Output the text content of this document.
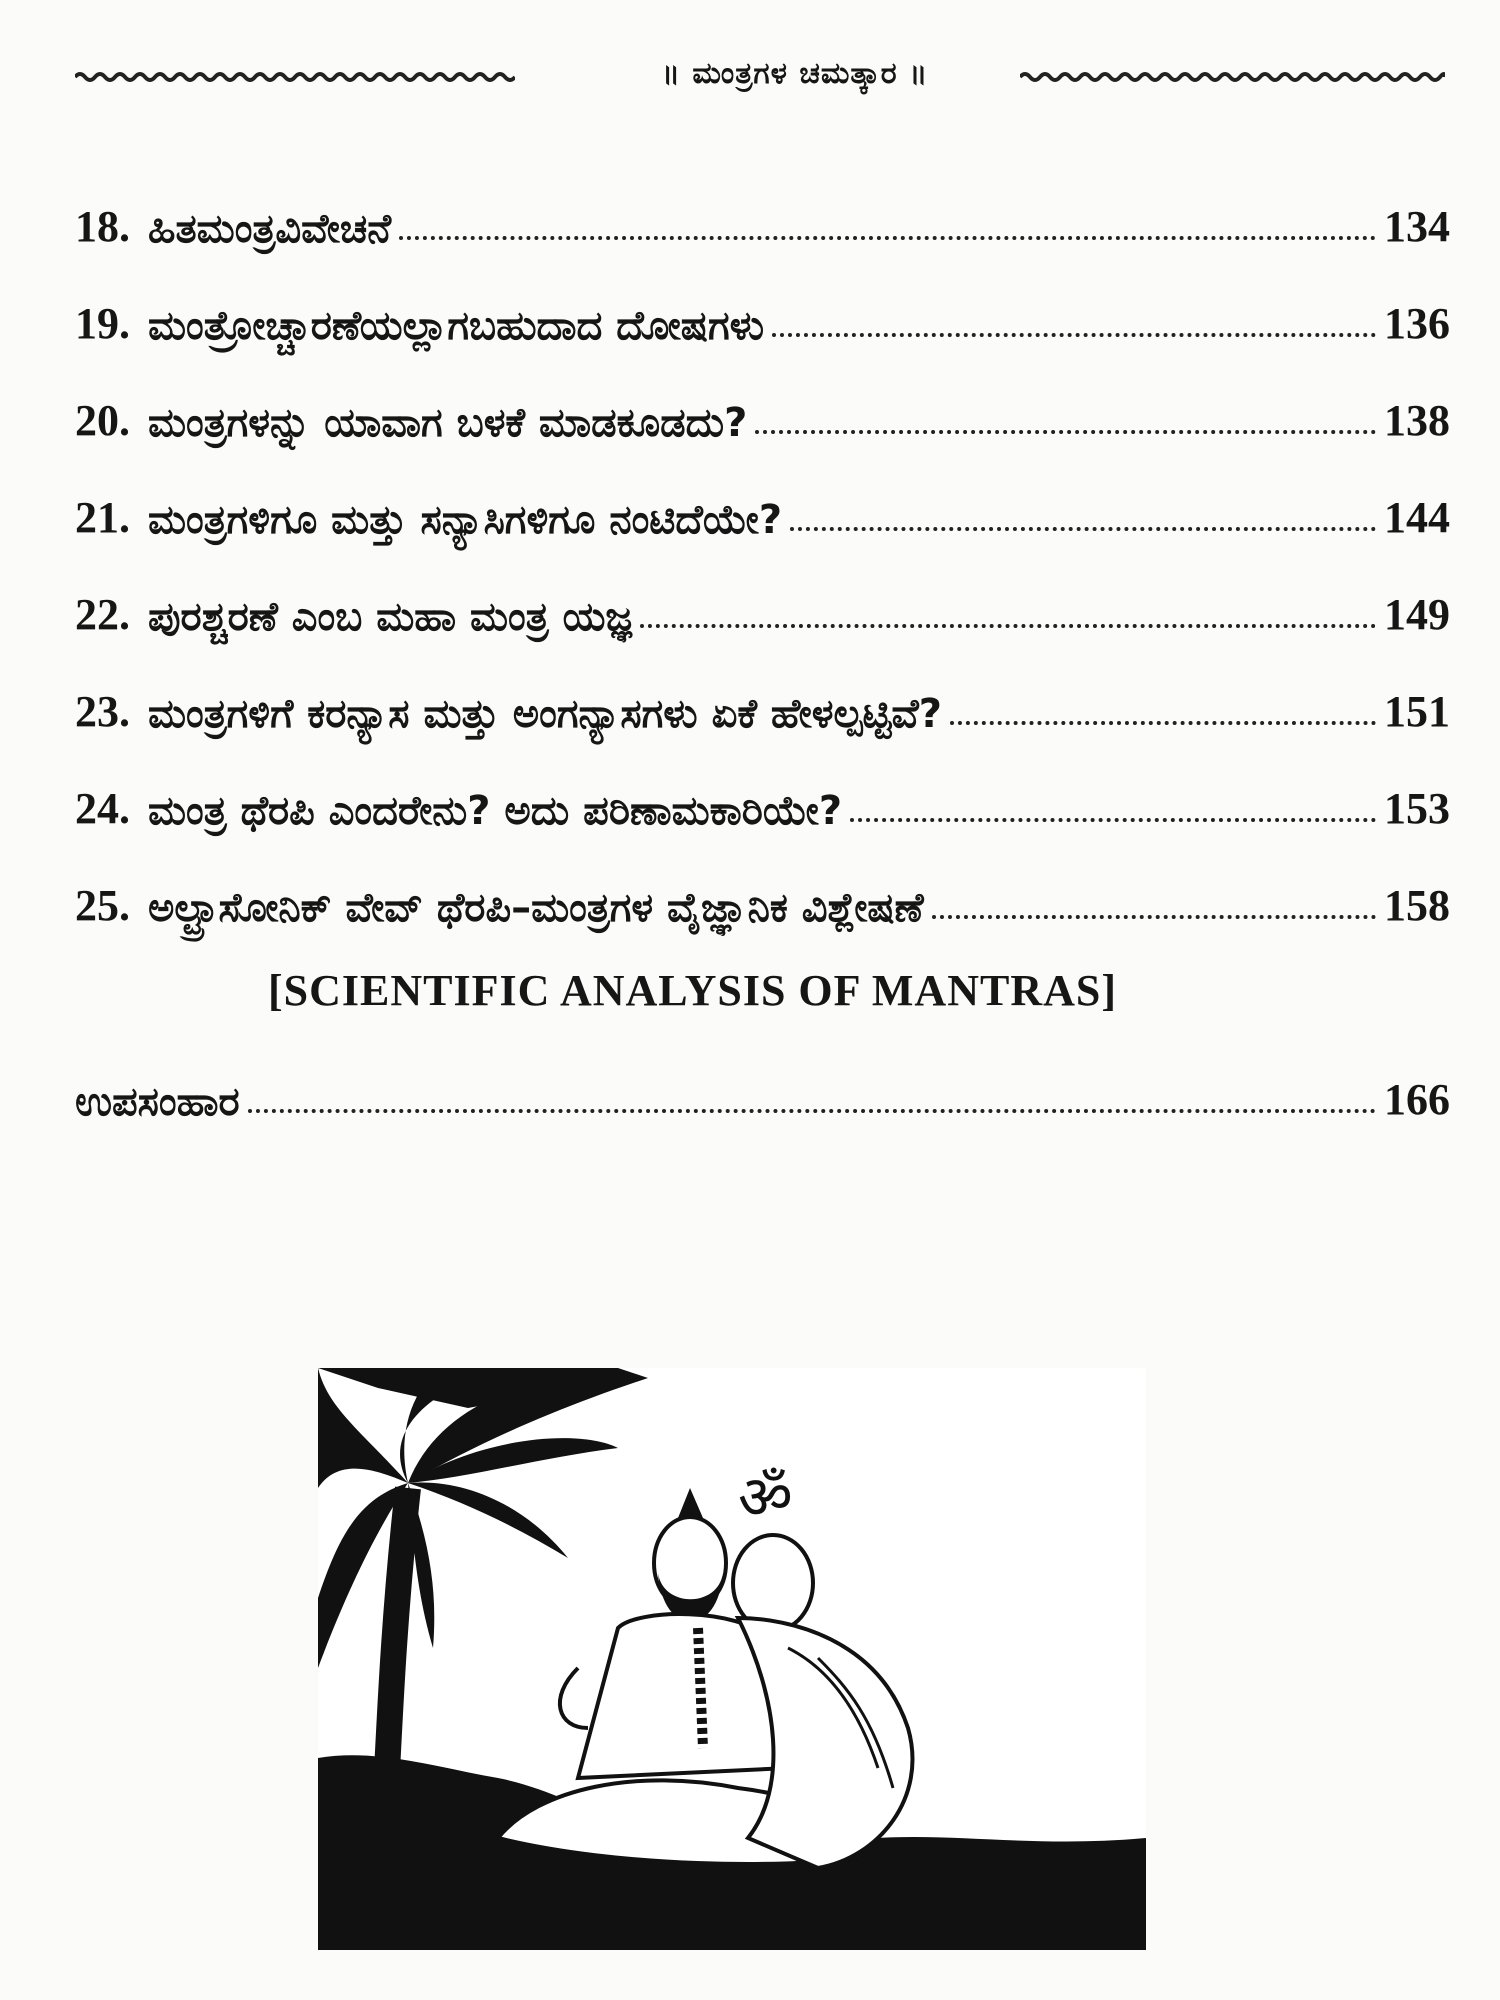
॥ ಮಂತ್ರಗಳ ಚಮತ್ಕಾರ ॥
18. ಹಿತಮಂತ್ರವಿವೇಚನೆ	134
19. ಮಂತ್ರೋಚ್ಚಾರಣೆಯಲ್ಲಾಗಬಹುದಾದ ದೋಷಗಳು	136
20. ಮಂತ್ರಗಳನ್ನು ಯಾವಾಗ ಬಳಕೆ ಮಾಡಕೂಡದು?	138
21. ಮಂತ್ರಗಳಿಗೂ ಮತ್ತು ಸನ್ಯಾಸಿಗಳಿಗೂ ನಂಟಿದೆಯೇ?	144
22. ಪುರಶ್ಚರಣೆ ಎಂಬ ಮಹಾ ಮಂತ್ರ ಯಜ್ಞ	149
23. ಮಂತ್ರಗಳಿಗೆ ಕರನ್ಯಾಸ ಮತ್ತು ಅಂಗನ್ಯಾಸಗಳು ಏಕೆ ಹೇಳಲ್ಪಟ್ಟಿವೆ?	151
24. ಮಂತ್ರ ಥೆರಪಿ ಎಂದರೇನು? ಅದು ಪರಿಣಾಮಕಾರಿಯೇ?	153
25. ಅಲ್ಟ್ರಾಸೋನಿಕ್ ವೇವ್ ಥೆರಪಿ–ಮಂತ್ರಗಳ ವೈಜ್ಞಾನಿಕ ವಿಶ್ಲೇಷಣೆ	158
[SCIENTIFIC ANALYSIS OF MANTRAS]
ಉಪಸಂಹಾರ	166
ॐ
